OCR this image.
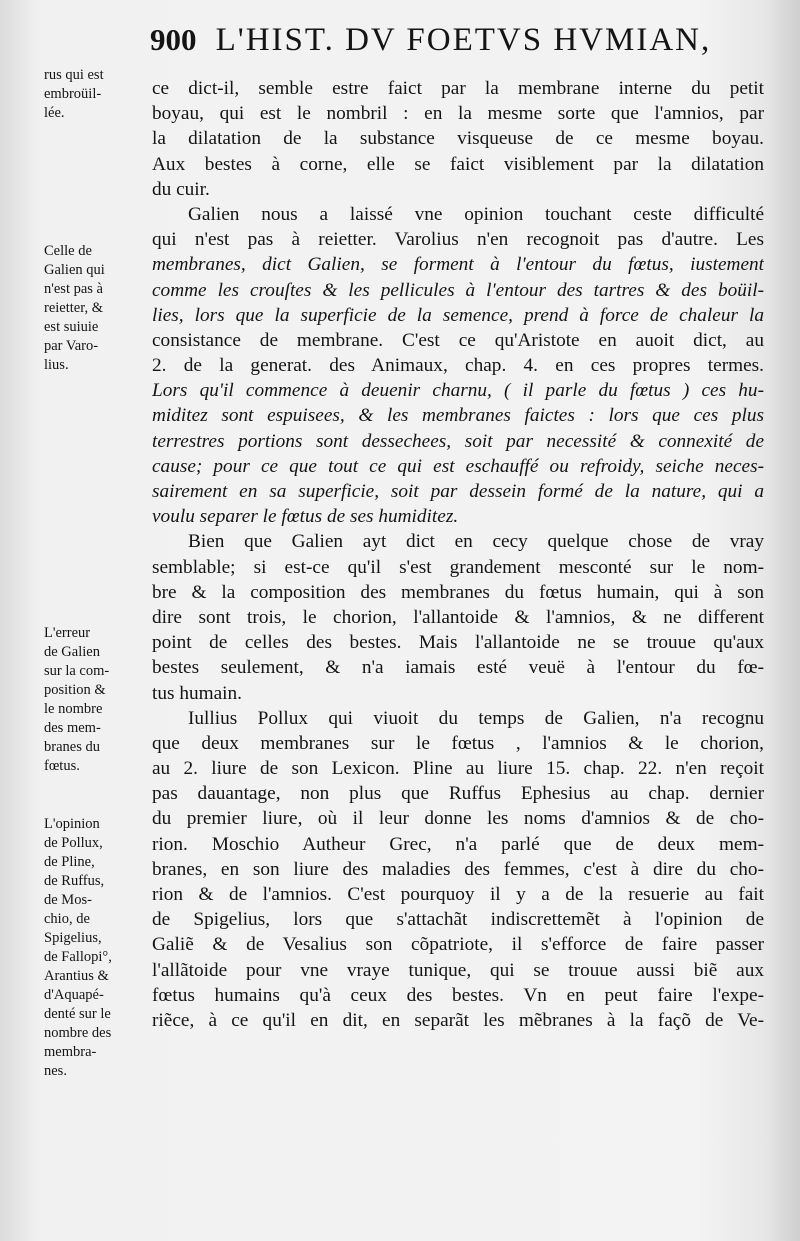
900 L'HIST. DV FOETVS HVMIAN,
rus qui est
embroüil-
lée.
Celle de
Galien qui
n'est pas à
reietter, &
est suiuie
par Varo-
lius.
L'erreur
de Galien
sur la com-
position &
le nombre
des mem-
branes du
fœtus.
L'opinion
de Pollux,
de Pline,
de Ruffus,
de Mos-
chio, de
Spigelius,
de Fallopi°,
Arantius &
d'Aquapé-
denté sur le
nombre des
membra-
nes.
ce dict-il, semble estre faict par la membrane interne du petit
boyau, qui est le nombril : en la mesme sorte que l'amnios, par
la dilatation de la substance visqueuse de ce mesme boyau.
Aux bestes à corne, elle se faict visiblement par la dilatation
du cuir.
Galien nous a laissé vne opinion touchant ceste difficulté
qui n'est pas à reietter. Varolius n'en recognoit pas d'autre. Les
membranes, dict Galien, se forment à l'entour du fœtus, iustement
comme les crouſtes & les pellicules à l'entour des tartres & des boüil-
lies, lors que la superficie de la semence, prend à force de chaleur la
consistance de membrane. C'est ce qu'Aristote en auoit dict, au
2. de la generat. des Animaux, chap. 4. en ces propres termes.
Lors qu'il commence à deuenir charnu, ( il parle du fœtus ) ces hu-
miditez sont espuisees, & les membranes faictes : lors que ces plus
terrestres portions sont dessechees, soit par necessité & connexité de
cause; pour ce que tout ce qui est eschauffé ou refroidy, seiche neces-
sairement en sa superficie, soit par dessein formé de la nature, qui a
voulu separer le fœtus de ses humiditez.
Bien que Galien ayt dict en cecy quelque chose de vray
semblable; si est-ce qu'il s'est grandement mesconté sur le nom-
bre & la composition des membranes du fœtus humain, qui à son
dire sont trois, le chorion, l'allantoide & l'amnios, & ne different
point de celles des bestes. Mais l'allantoide ne se trouue qu'aux
bestes seulement, & n'a iamais esté veuë à l'entour du fœ-
tus humain.
Iullius Pollux qui viuoit du temps de Galien, n'a recognu
que deux membranes sur le fœtus , l'amnios & le chorion,
au 2. liure de son Lexicon. Pline au liure 15. chap. 22. n'en reçoit
pas dauantage, non plus que Ruffus Ephesius au chap. dernier
du premier liure, où il leur donne les noms d'amnios & de cho-
rion. Moschio Autheur Grec, n'a parlé que de deux mem-
branes, en son liure des maladies des femmes, c'est à dire du cho-
rion & de l'amnios. C'est pourquoy il y a de la resuerie au fait
de Spigelius, lors que s'attachãt indiscrettemẽt à l'opinion de
Galiẽ & de Vesalius son cõpatriote, il s'efforce de faire passer
l'allãtoide pour vne vraye tunique, qui se trouue aussi biẽ aux
fœtus humains qu'à ceux des bestes. Vn en peut faire l'expe-
riẽce, à ce qu'il en dit, en separãt les mẽbranes à la façõ de Ve-
